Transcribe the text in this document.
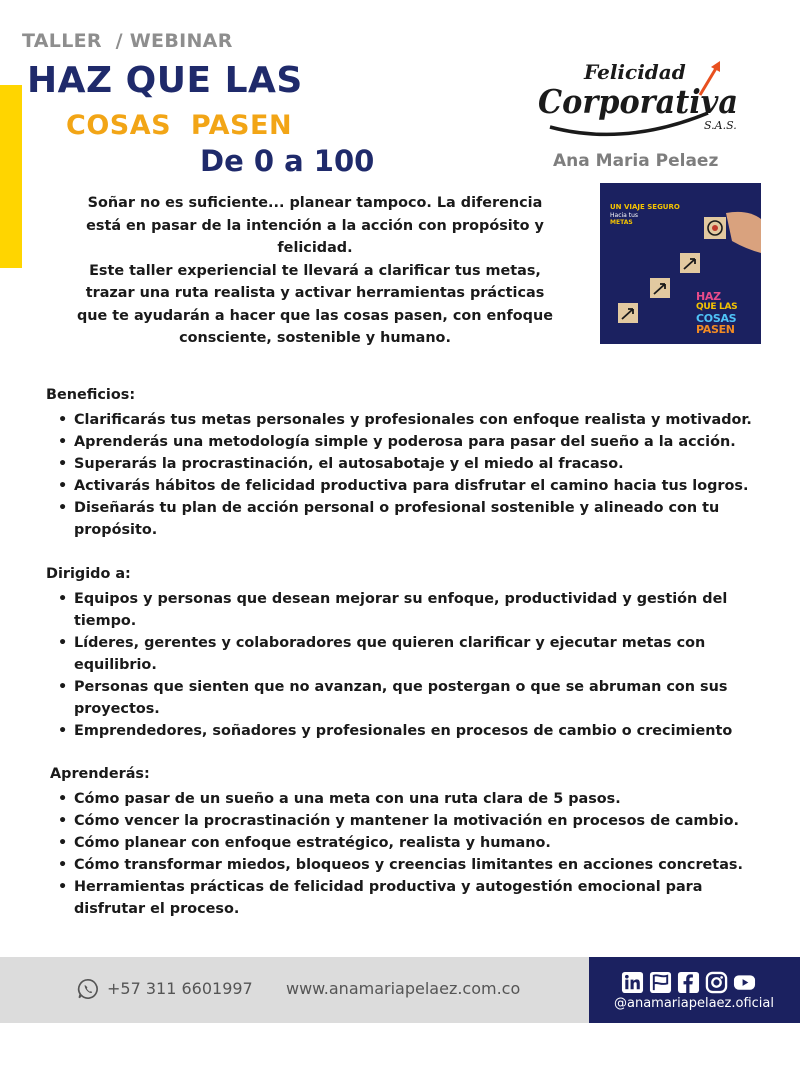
TALLER  / WEBINAR
HAZ QUE LAS
COSAS  PASEN
De 0 a 100

Soñar no es suficiente... planear tampoco. La diferencia

está en pasar de la intención a la acción con propósito y

felicidad.

Este taller experiencial te llevará a clarificar tus metas,

trazar una ruta realista y activar herramientas prácticas

que te ayudarán a hacer que las cosas pasen, con enfoque

consciente, sostenible y humano.

Felicidad
Corporativa
S.A.S.
Ana Maria Pelaez
UN VIAJE SEGURO
Hacia tus
METAS
HAZ
QUE LAS
COSAS
PASEN
Beneficios:
• Clarificarás tus metas personales y profesionales con enfoque realista y motivador.
• Aprenderás una metodología simple y poderosa para pasar del sueño a la acción.
• Superarás la procrastinación, el autosabotaje y el miedo al fracaso.
• Activarás hábitos de felicidad productiva para disfrutar el camino hacia tus logros.
• Diseñarás tu plan de acción personal o profesional sostenible y alineado con tu propósito.
Dirigido a:
• Equipos y personas que desean mejorar su enfoque, productividad y gestión del tiempo.
• Líderes, gerentes y colaboradores que quieren clarificar y ejecutar metas con equilibrio.
• Personas que sienten que no avanzan, que postergan o que se abruman con sus proyectos.
• Emprendedores, soñadores y profesionales en procesos de cambio o crecimiento
Aprenderás:
• Cómo pasar de un sueño a una meta con una ruta clara de 5 pasos.
• Cómo vencer la procrastinación y mantener la motivación en procesos de cambio.
• Cómo planear con enfoque estratégico, realista y humano.
• Cómo transformar miedos, bloqueos y creencias limitantes en acciones concretas.
• Herramientas prácticas de felicidad productiva y autogestión emocional para disfrutar el proceso.
+57 311 6601997 www.anamariapelaez.com.co
@anamariapelaez.oficial
